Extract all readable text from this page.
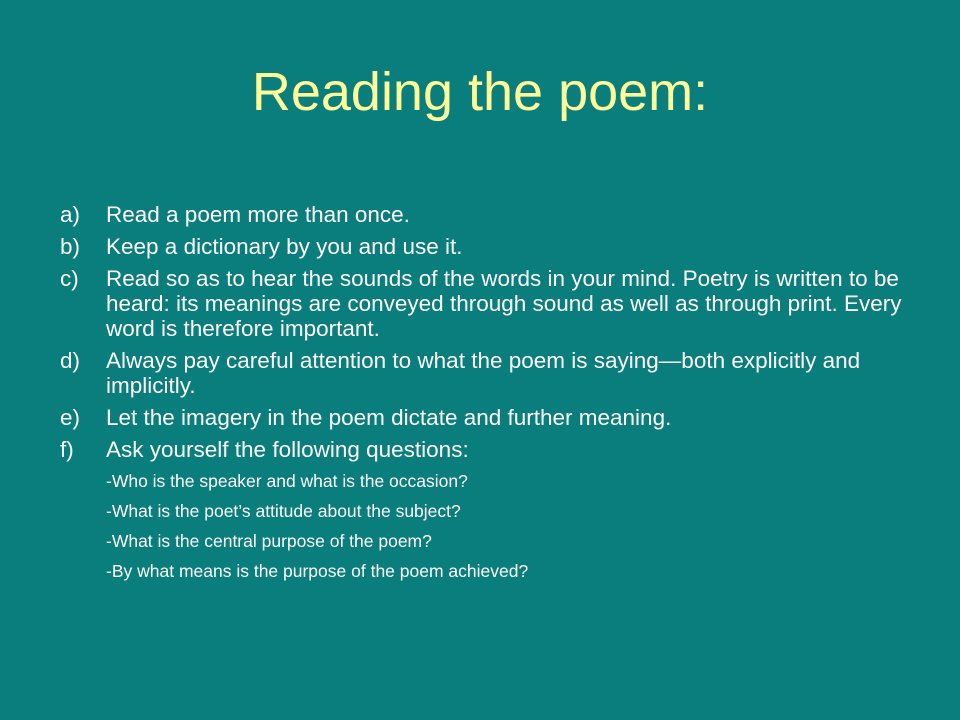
Reading the poem:
a)	Read a poem more than once.
b)	Keep a dictionary by you and use it.
c)	Read so as to hear the sounds of the words in your mind. Poetry is written to be heard: its meanings are conveyed through sound as well as through print. Every word is therefore important.
d)	Always pay careful attention to what the poem is saying—both explicitly and implicitly.
e)	Let the imagery in the poem dictate and further meaning.
f)	Ask yourself the following questions:
-Who is the speaker and what is the occasion?
-What is the poet’s attitude about the subject?
-What is the central purpose of the poem?
-By what means is the purpose of the poem achieved?
